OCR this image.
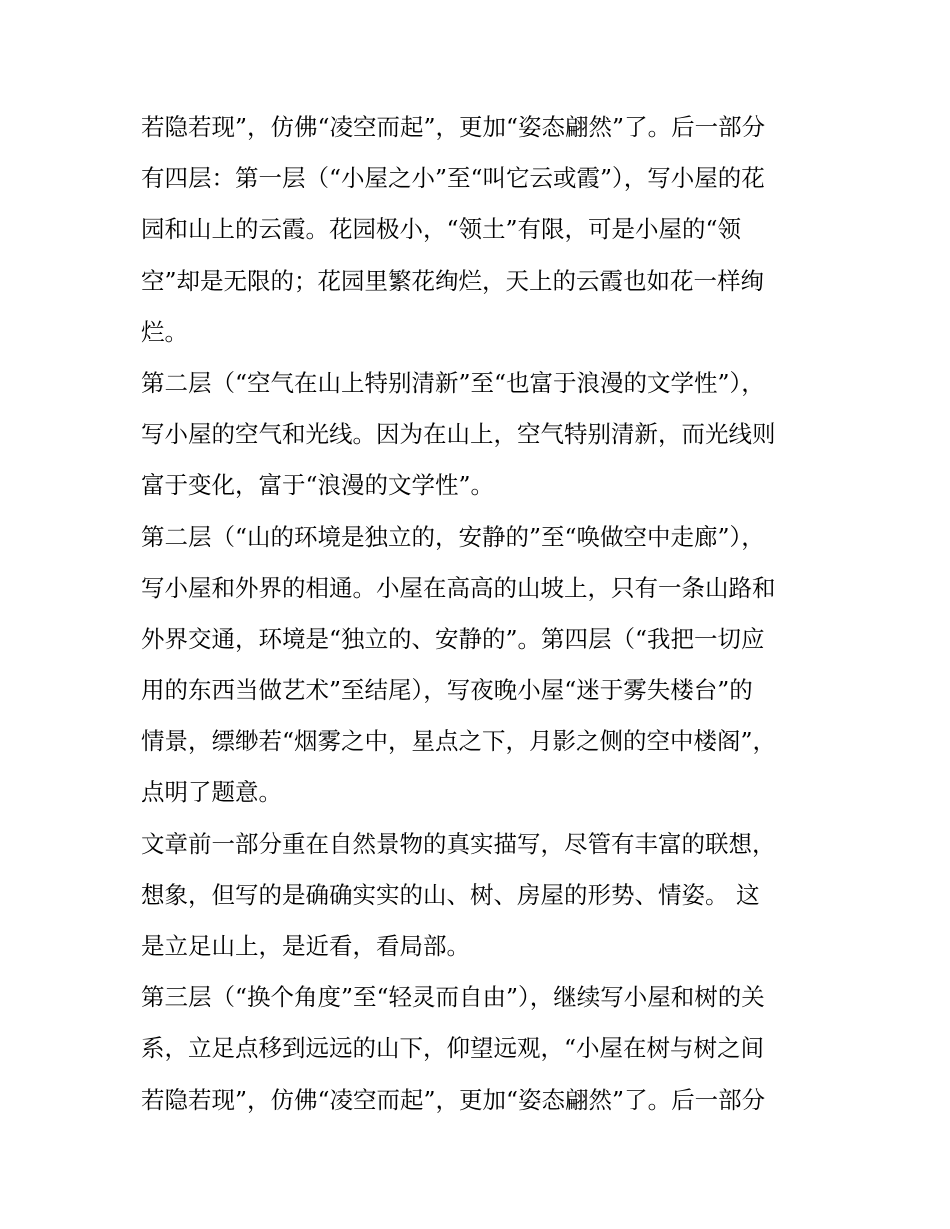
若隐若现”，仿佛“凌空而起”，更加“姿态翩然”了。后一部分
有四层：第一层（“小屋之小”至“叫它云或霞”），写小屋的花
园和山上的云霞。花园极小，“领土”有限，可是小屋的“领
空”却是无限的；花园里繁花绚烂，天上的云霞也如花一样绚
烂。
第二层（“空气在山上特别清新”至“也富于浪漫的文学性”），
写小屋的空气和光线。因为在山上，空气特别清新，而光线则
富于变化，富于“浪漫的文学性”。
第二层（“山的环境是独立的，安静的”至“唤做空中走廊”），
写小屋和外界的相通。小屋在高高的山坡上，只有一条山路和
外界交通，环境是“独立的、安静的”。第四层（“我把一切应
用的东西当做艺术”至结尾），写夜晚小屋“迷于雾失楼台”的
情景，缥缈若“烟雾之中，星点之下，月影之侧的空中楼阁”，
点明了题意。
文章前一部分重在自然景物的真实描写，尽管有丰富的联想，
想象，但写的是确确实实的山、树、房屋的形势、情姿。 这
是立足山上，是近看，看局部。
第三层（“换个角度”至“轻灵而自由”），继续写小屋和树的关
系，立足点移到远远的山下，仰望远观，“小屋在树与树之间
若隐若现”，仿佛“凌空而起”，更加“姿态翩然”了。后一部分
